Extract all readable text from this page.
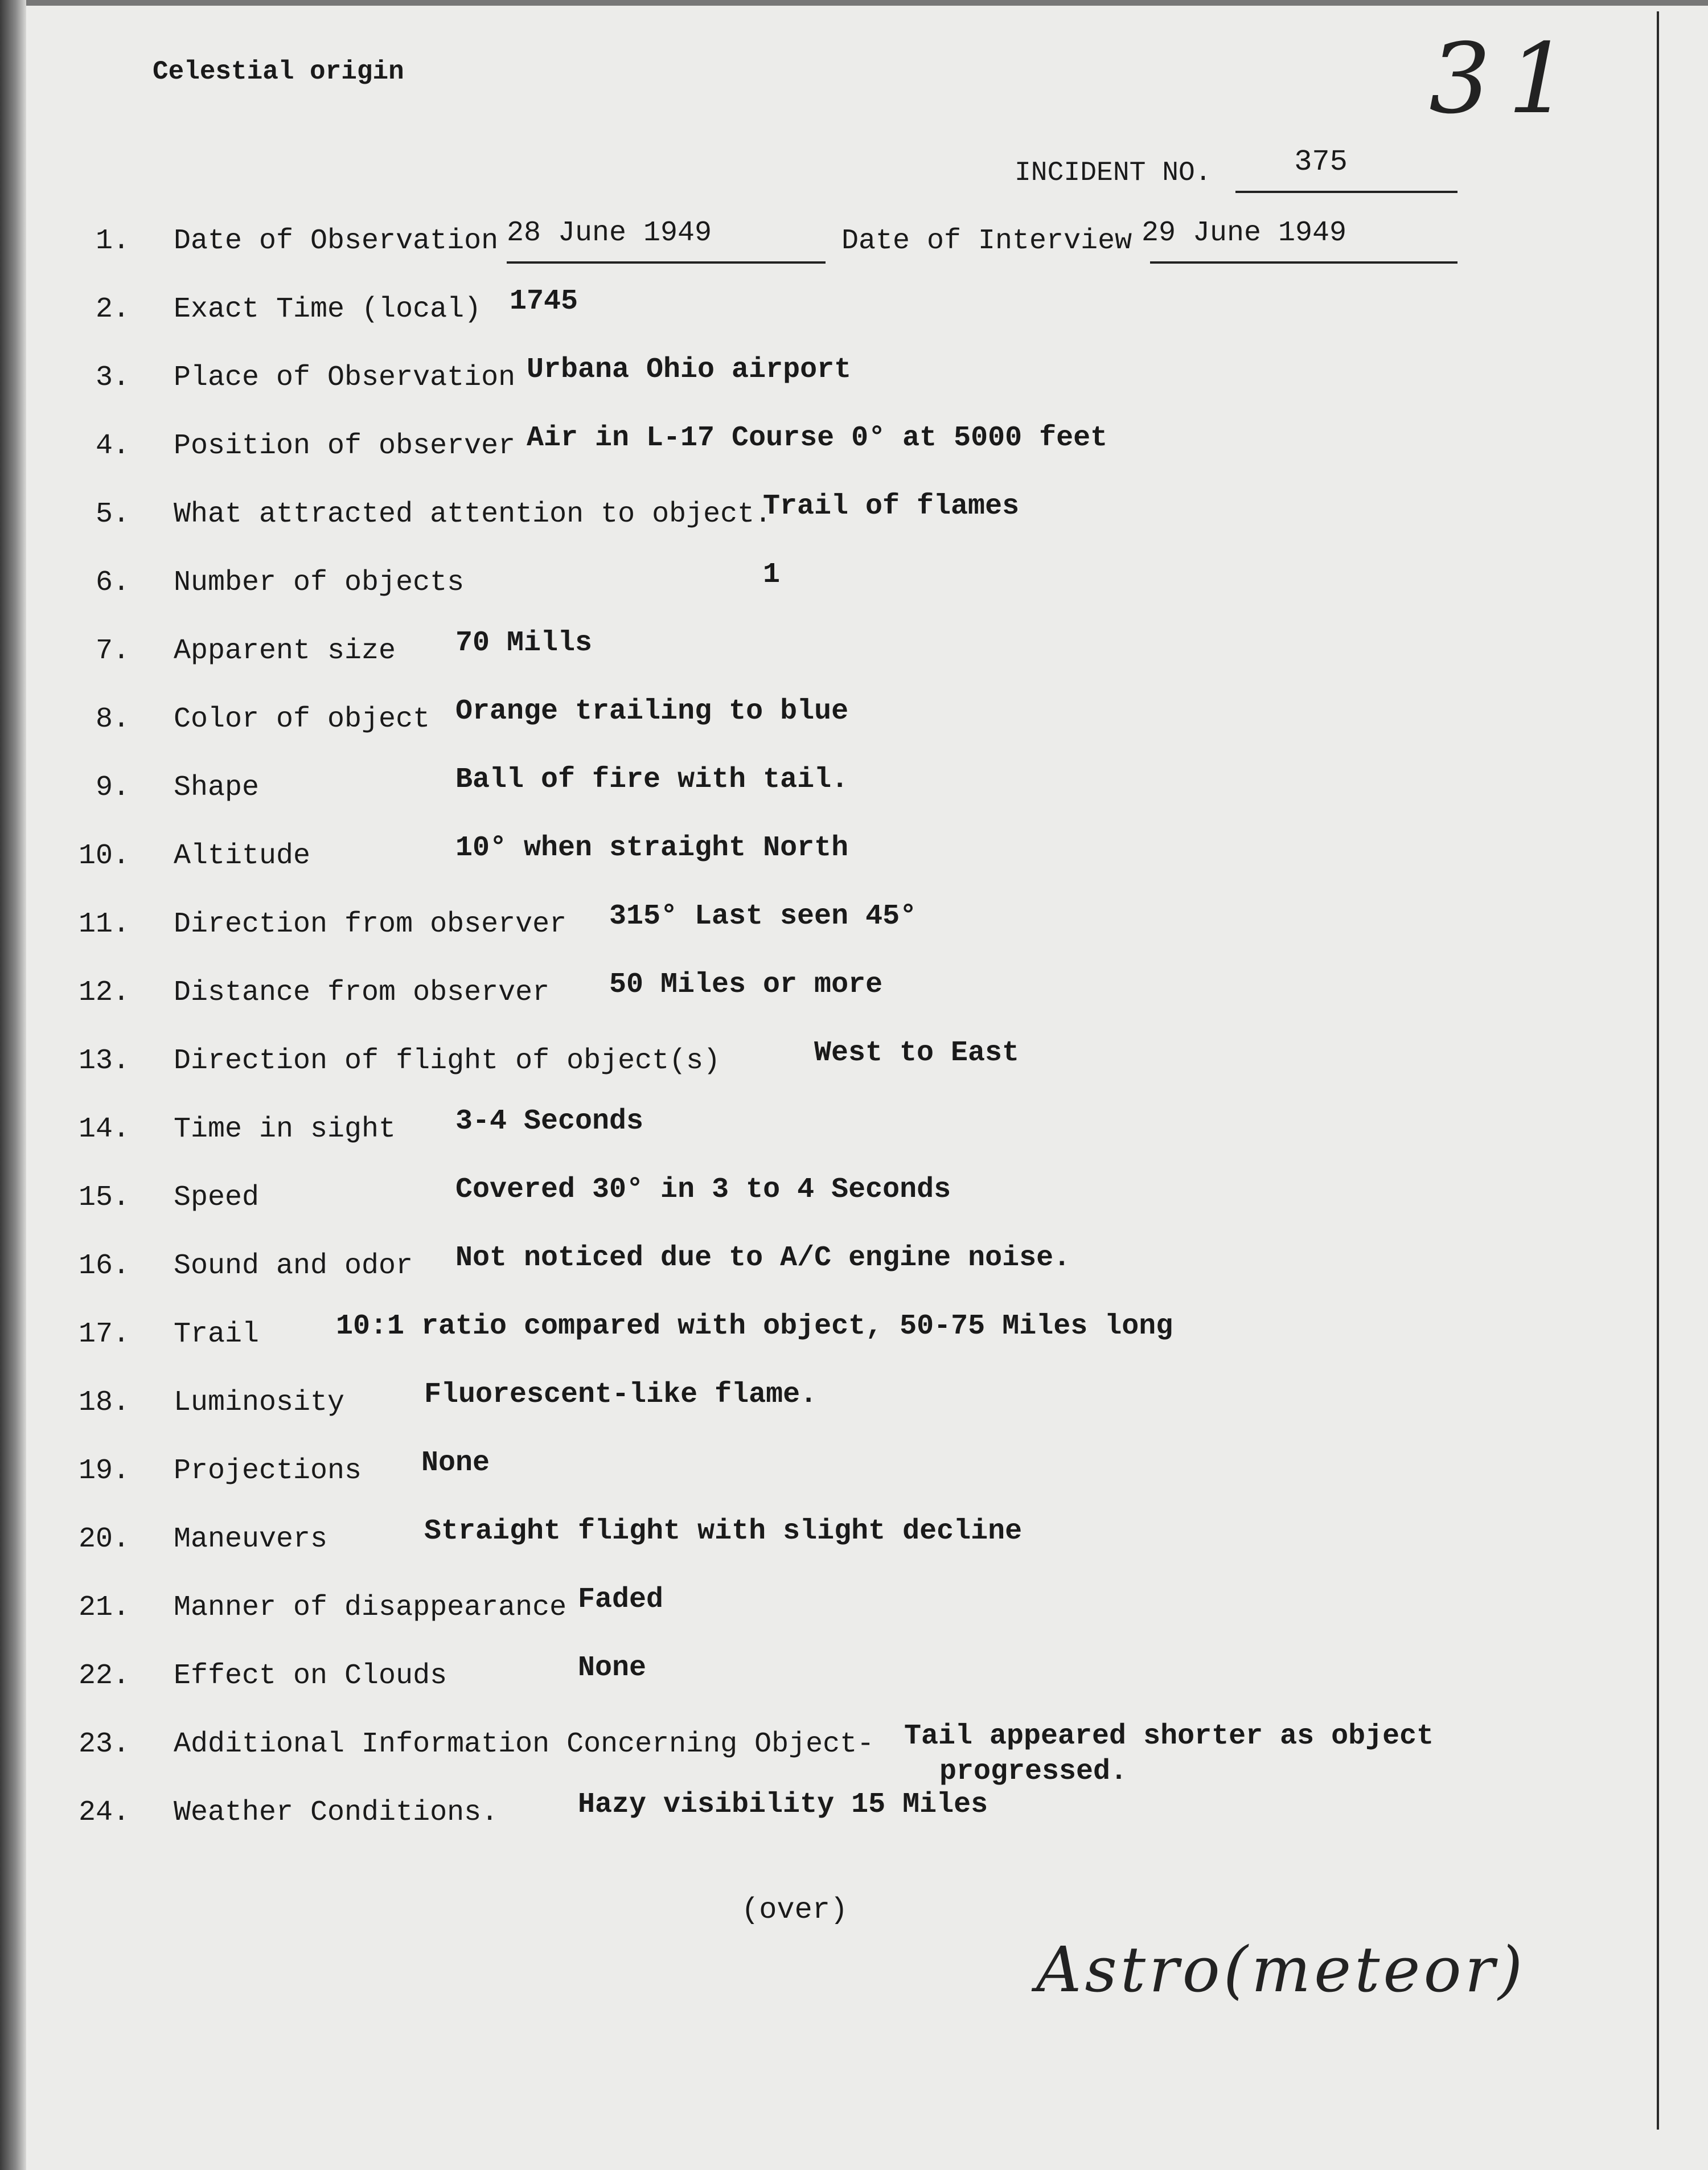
Celestial origin	31
INCIDENT NO.	375
1. Date of Observation 28 June 1949	Date of Interview 29 June 1949
2. Exact Time (local) 1745
3. Place of Observation Urbana Ohio airport
4. Position of observer Air in L-17 Course 0° at 5000 feet
5. What attracted attention to object.
Trail of flames
6. Number of objects	1
7. Apparent size 70 Mills
8. Color of object Orange trailing to blue
9. Shape	Ball of fire with tail.
10. Altitude	10° when straight North
11. Direction from observer 315° Last seen 45°
12. Distance from observer 50 Miles or more
13. Direction of flight of object(s)	West to East
14. Time in sight 3-4 Seconds
15. Speed	Covered 30° in 3 to 4 Seconds
16. Sound and odor Not noticed due to A/C engine noise.
17. Trail	10:1 ratio compared with object, 50-75 Miles long
18. Luminosity	Fluorescent-like flame.
19. Projections None
20. Maneuvers	Straight flight with slight decline
21. Manner of disappearance Faded
22. Effect on Clouds	None
23. Additional Information Concerning Object- Tail appeared shorter as object
progressed.
24. Weather Conditions.	Hazy visibility 15 Miles
(over)
Astro(meteor)
